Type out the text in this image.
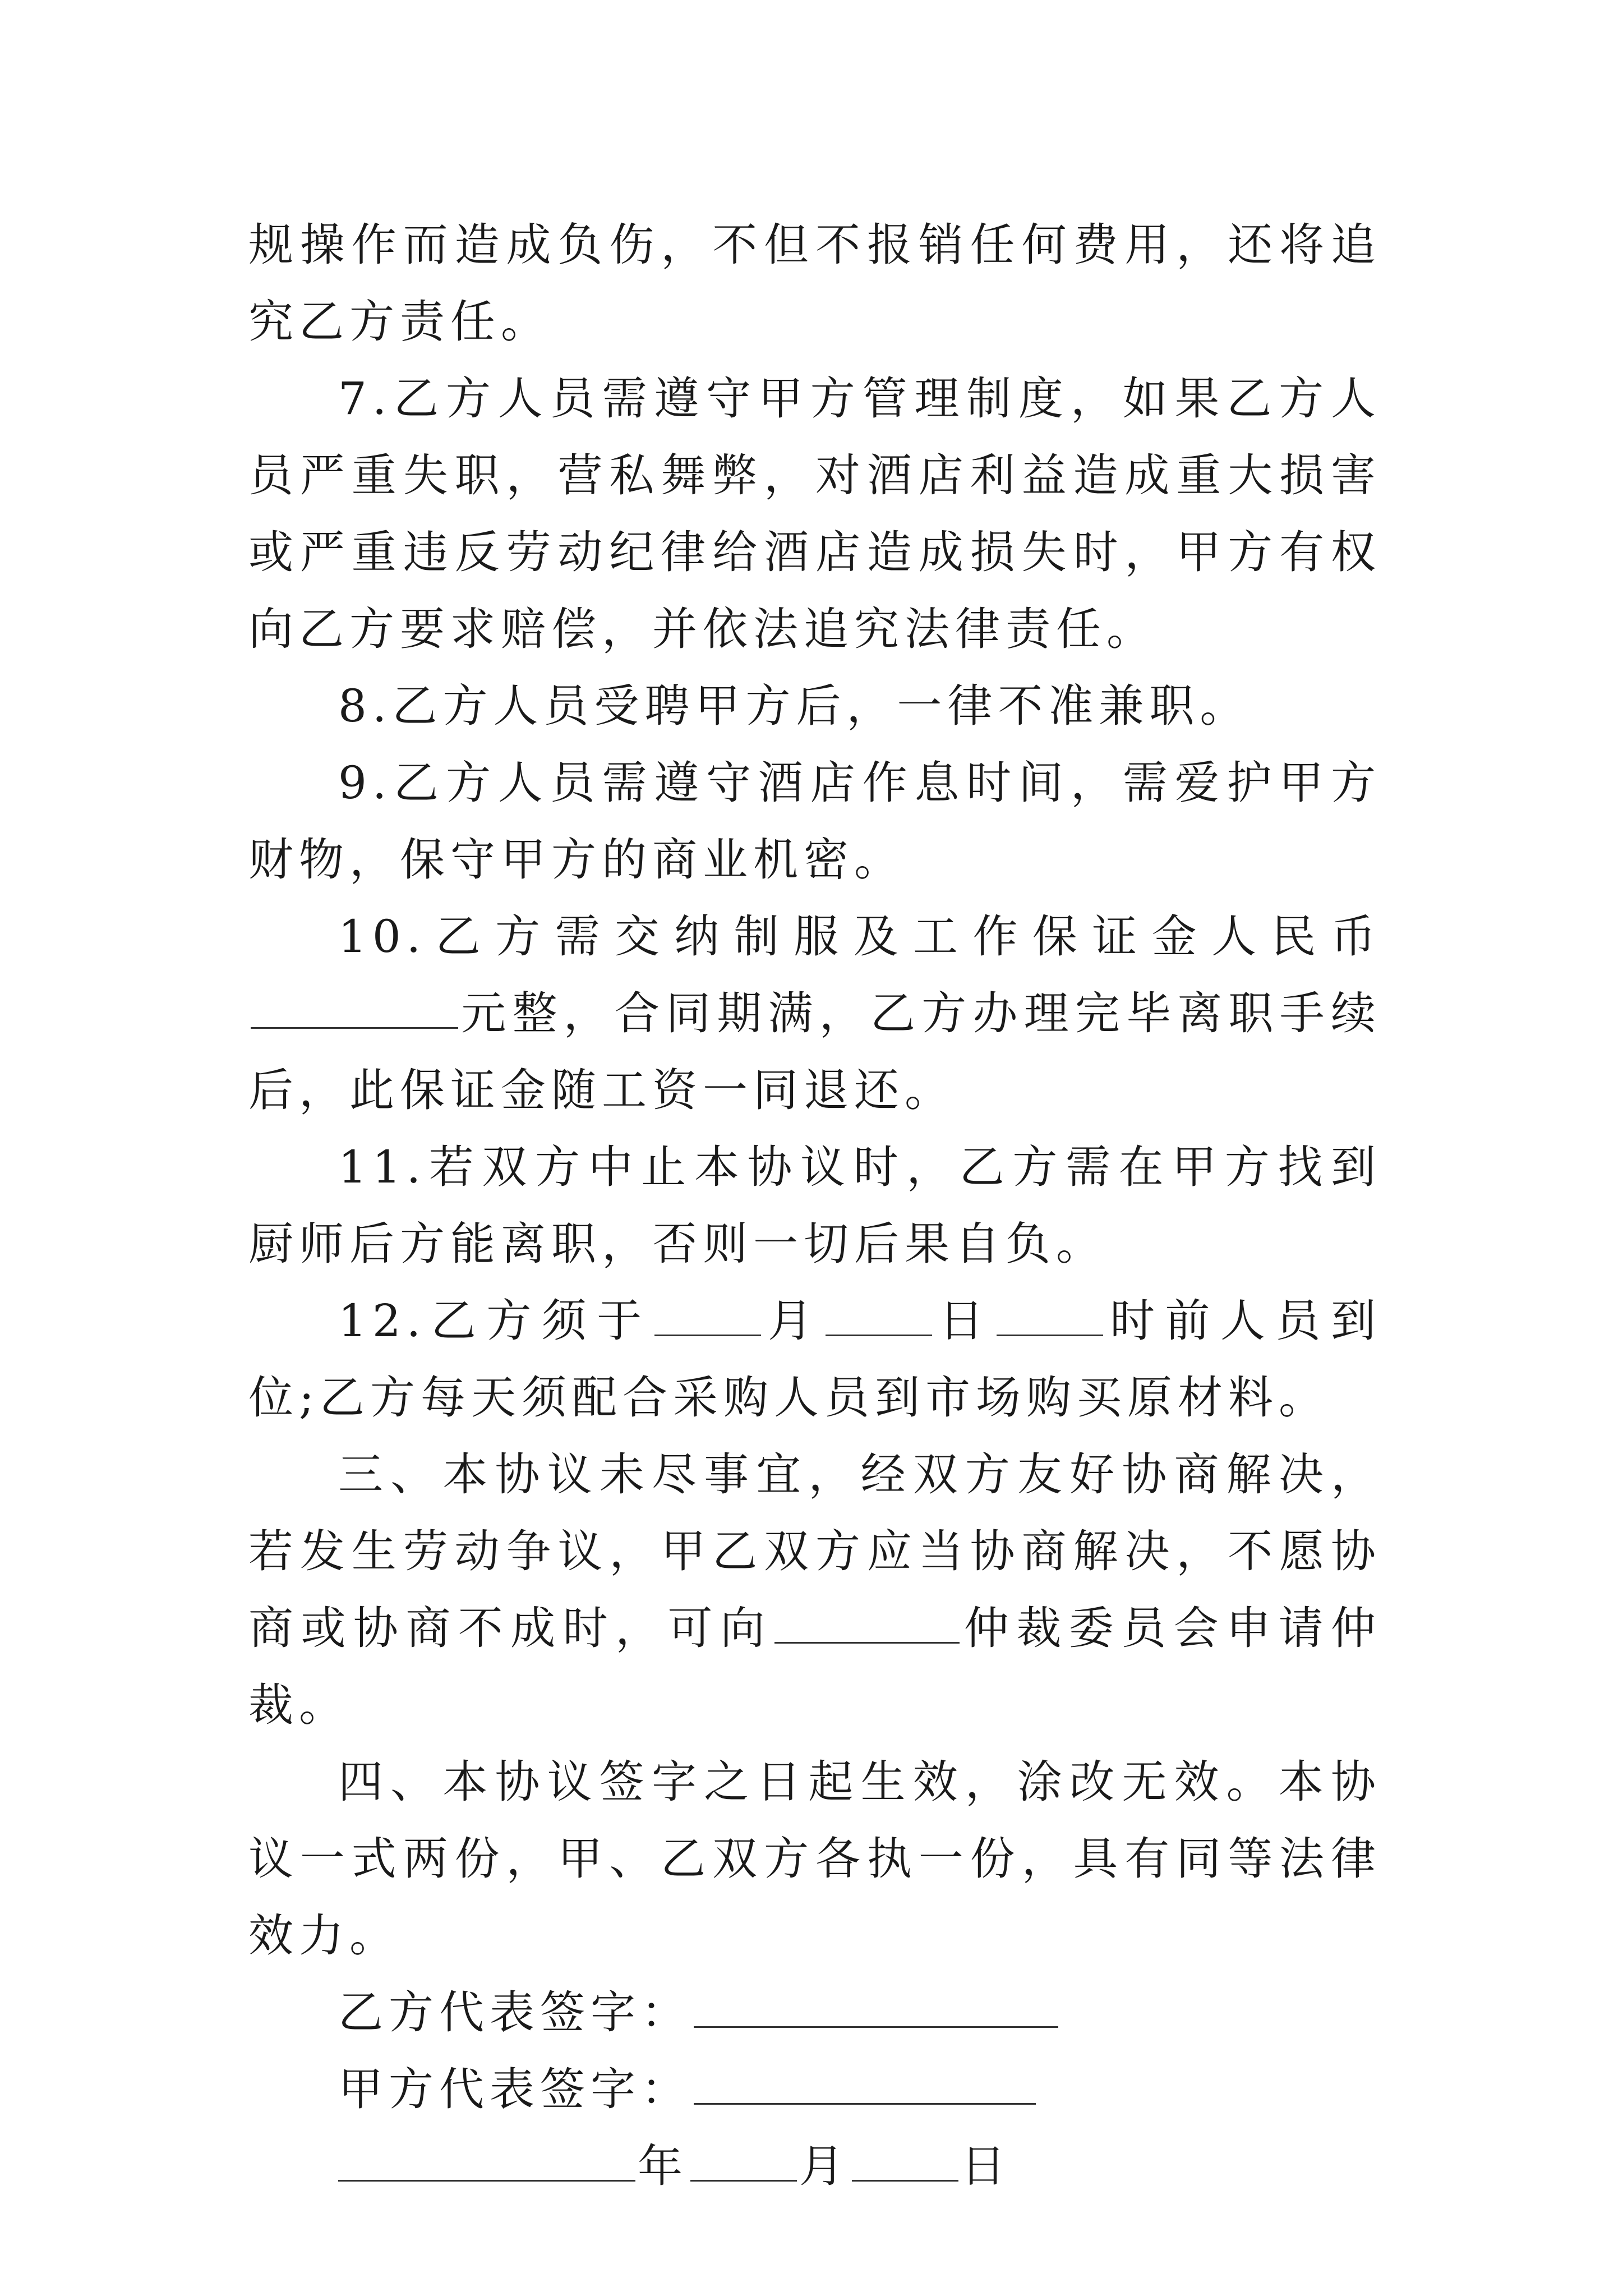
规操作而造成负伤，不但不报销任何费用，还将追究乙方责任。

7.乙方人员需遵守甲方管理制度，如果乙方人员严重失职，营私舞弊，对酒店利益造成重大损害或严重违反劳动纪律给酒店造成损失时，甲方有权向乙方要求赔偿，并依法追究法律责任。

8.乙方人员受聘甲方后，一律不准兼职。

9.乙方人员需遵守酒店作息时间，需爱护甲方财物，保守甲方的商业机密。

10.乙方需交纳制服及工作保证金人民币元整，合同期满，乙方办理完毕离职手续后，此保证金随工资一同退还。

11.若双方中止本协议时，乙方需在甲方找到厨师后方能离职，否则一切后果自负。

12.乙方须于 月 日 时前人员到位;乙方每天须配合采购人员到市场购买原材料。

三、本协议未尽事宜，经双方友好协商解决，若发生劳动争议，甲乙双方应当协商解决，不愿协商或协商不成时，可向	仲裁委员会申请仲裁。

四、本协议签字之日起生效，涂改无效。本协议一式两份，甲、乙双方各执一份，具有同等法律效力。

乙方代表签字：

甲方代表签字：

年 月 日
